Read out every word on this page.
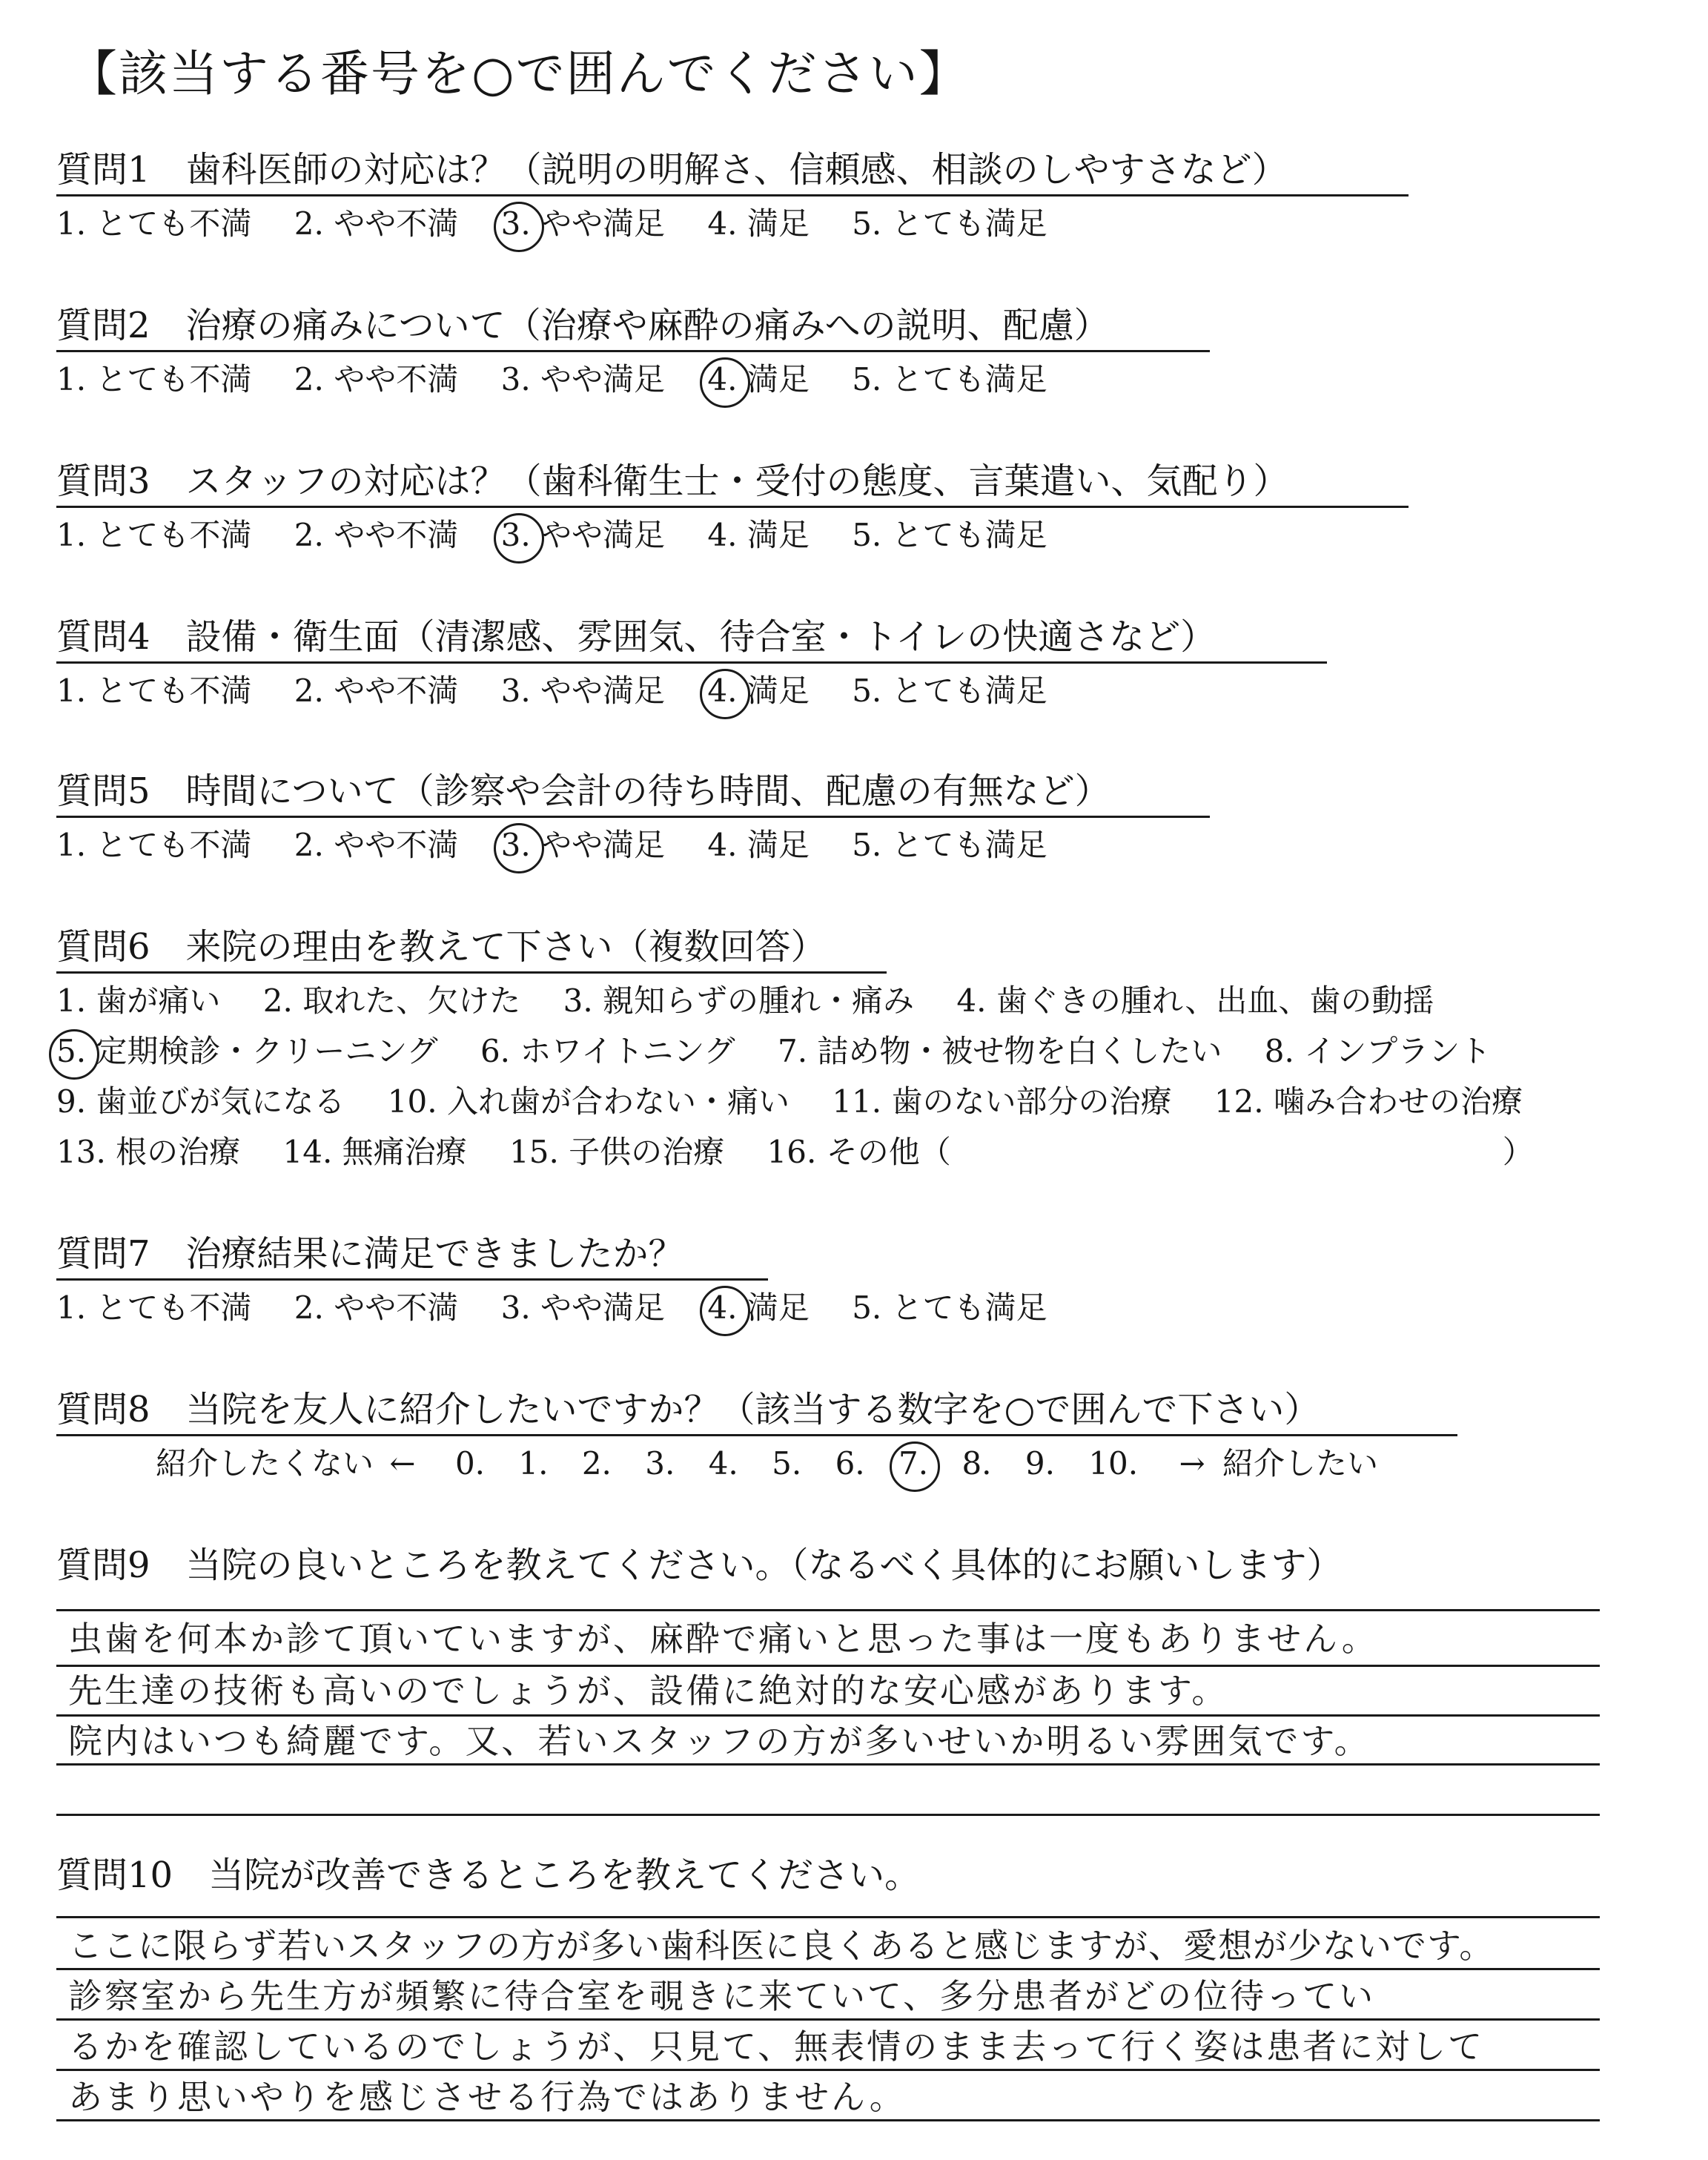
【該当する番号を○で囲んでください】
質問1　歯科医師の対応は？（説明の明解さ、信頼感、相談のしやすさなど）
1. とても不満 2. やや不満 3. やや満足 4. 満足 5. とても満足
質問2　治療の痛みについて（治療や麻酔の痛みへの説明、配慮）
1. とても不満 2. やや不満 3. やや満足 4. 満足 5. とても満足
質問3　スタッフの対応は？（歯科衛生士・受付の態度、言葉遣い、気配り）
1. とても不満 2. やや不満 3. やや満足 4. 満足 5. とても満足
質問4　設備・衛生面（清潔感、雰囲気、待合室・トイレの快適さなど）
1. とても不満 2. やや不満 3. やや満足 4. 満足 5. とても満足
質問5　時間について（診察や会計の待ち時間、配慮の有無など）
1. とても不満 2. やや不満 3. やや満足 4. 満足 5. とても満足
質問6　来院の理由を教えて下さい（複数回答）
1. 歯が痛い 2. 取れた、欠けた 3. 親知らずの腫れ・痛み 4. 歯ぐきの腫れ、出血、歯の動揺
5. 定期検診・クリーニング 6. ホワイトニング 7. 詰め物・被せ物を白くしたい 8. インプラント
9. 歯並びが気になる 10. 入れ歯が合わない・痛い 11. 歯のない部分の治療 12. 噛み合わせの治療
13. 根の治療 14. 無痛治療 15. 子供の治療 16. その他（	）
質問7　治療結果に満足できましたか？
1. とても不満 2. やや不満 3. やや満足 4. 満足 5. とても満足
質問8　当院を友人に紹介したいですか？（該当する数字を○で囲んで下さい）
紹介したくない ← 0. 1. 2. 3. 4. 5. 6. 7. 8. 9. 10. → 紹介したい
質問9　当院の良いところを教えてください。（なるべく具体的にお願いします）
虫歯を何本か診て頂いていますが、麻酔で痛いと思った事は一度もありません。
先生達の技術も高いのでしょうが、設備に絶対的な安心感があります。
院内はいつも綺麗です。又、若いスタッフの方が多いせいか明るい雰囲気です。
質問10　当院が改善できるところを教えてください。
ここに限らず若いスタッフの方が多い歯科医に良くあると感じますが、愛想が少ないです。
診察室から先生方が頻繁に待合室を覗きに来ていて、多分患者がどの位待ってい
るかを確認しているのでしょうが、只見て、無表情のまま去って行く姿は患者に対して
あまり思いやりを感じさせる行為ではありません。
